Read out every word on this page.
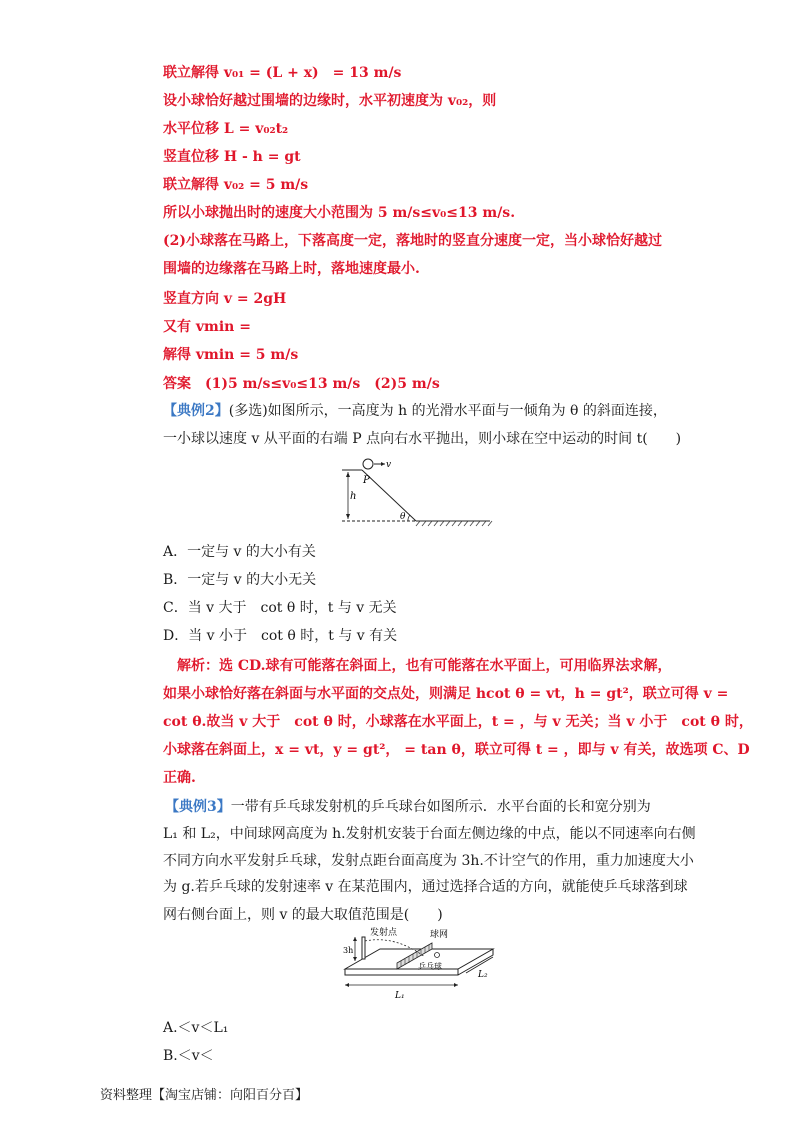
联立解得 v₀₁ = (L + x)　= 13 m/s
设小球恰好越过围墙的边缘时，水平初速度为 v₀₂，则
水平位移 L = v₀₂t₂
竖直位移 H - h = gt
联立解得 v₀₂ = 5 m/s
所以小球抛出时的速度大小范围为 5 m/s≤v₀≤13 m/s.
(2)小球落在马路上，下落高度一定，落地时的竖直分速度一定，当小球恰好越过
围墙的边缘落在马路上时，落地速度最小.
竖直方向 v = 2gH
又有 vmin =
解得 vmin = 5 m/s
答案　(1)5 m/s≤v₀≤13 m/s　(2)5 m/s
【典例2】(多选)如图所示，一高度为 h 的光滑水平面与一倾角为 θ 的斜面连接，
一小球以速度 v 从平面的右端 P 点向右水平抛出，则小球在空中运动的时间 t(　　)
v
P
h
θ
A．一定与 v 的大小有关
B．一定与 v 的大小无关
C．当 v 大于　cot θ 时，t 与 v 无关
D．当 v 小于　cot θ 时，t 与 v 有关
解析：选 CD.球有可能落在斜面上，也有可能落在水平面上，可用临界法求解，
如果小球恰好落在斜面与水平面的交点处，则满足 hcot θ = vt，h = gt²，联立可得 v =
cot θ.故当 v 大于　cot θ 时，小球落在水平面上，t = ，与 v 无关；当 v 小于　cot θ 时，
小球落在斜面上，x = vt，y = gt²， = tan θ，联立可得 t = ，即与 v 有关，故选项 C、D
正确.
【典例3】一带有乒乓球发射机的乒乓球台如图所示．水平台面的长和宽分别为
L₁ 和 L₂，中间球网高度为 h.发射机安装于台面左侧边缘的中点，能以不同速率向右侧
不同方向水平发射乒乓球，发射点距台面高度为 3h.不计空气的作用，重力加速度大小
为 g.若乒乓球的发射速率 v 在某范围内，通过选择合适的方向，就能使乒乓球落到球
网右侧台面上，则 v 的最大取值范围是(　　)
3h
发射点	球网
乒乓球
L₁
L₂
A.＜v＜L₁
B.＜v＜
资料整理【淘宝店铺：向阳百分百】
